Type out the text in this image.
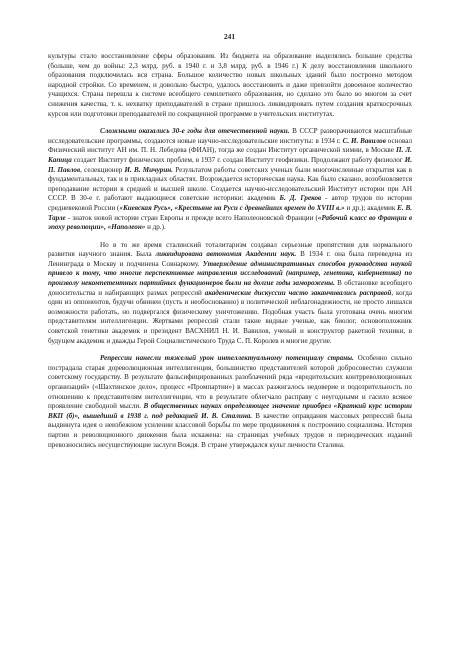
241

культуры стало восстановление сферы образования. Из бюджета на образование выделялись большие средства (больше, чем до войны: 2,3 млрд. руб. в 1940 г. и 3,8 млрд. руб. в 1946 г.) К делу восстановления школьного образования подключилась вся страна. Большое количество новых школьных зданий было построено методом народной стройки. Со временем, и довольно быстро, удалось восстановить и даже превзойти довоенное количество учащихся. Страна перешла к системе всеобщего семилетнего образования, но сделано это было во многом за счет снижения качества, т. к. нехватку преподавателей в стране пришлось ликвидировать путем создания краткосрочных курсов или подготовки преподавателей по сокращенной программе в учительских институтах.

Сложными оказались 30-е годы для отечественной науки. В СССР разворачиваются масштабные исследовательские программы, создаются новые научно-исследовательские институты: в 1934 г. С. И. Вавилов основал Физический институт АН им. П. Н. Лебедева (ФИАН), тогда же создан Институт органической химии, в Москве П. Л. Капица создает Институт физических проблем, в 1937 г. создан Институт геофизики. Продолжают работу физиолог И. П. Павлов, селекционер И. В. Мичурин. Результатом работы советских ученых были многочисленные открытия как в фундаментальных, так и в прикладных областях. Возрождается историческая наука. Как было сказано, возобновляется преподавание истории в средней и высшей школе. Создается научно-исследовательский Институт истории при АН СССР. В 30-е г. работают выдающиеся советские историки: академик Б. Д. Греков - автор трудов по истории средневековой России («Киевская Русь», «Крестьяне на Руси с древнейших времен до XVIII в.» и др.); академик Е. В. Тарле - знаток новой истории стран Европы и прежде всего Наполеоновской Франции («Рабочий класс во Франции в эпоху революции», «Наполеон» и др.).

Но в то же время сталинский тоталитаризм создавал серьезные препятствия для нормального развития научного знания. Была ликвидирована автономия Академии наук. В 1934 г. она была переведена из Ленинграда в Москву и подчинена Совнаркому. Утверждение административных способов руководства наукой привело к тому, что многие перспективные направления исследований (например, генетика, кибернетика) по произволу некомпетентных партийных функционеров были на долгие годы заморожены. В обстановке всеобщего доносительства и набирающих размах репрессий академические дискуссии часто заканчивались расправой, когда один из оппонентов, будучи обвинен (пусть и необоснованно) в политической неблагонадежности, не просто лишался возможности работать, но подвергался физическому уничтожению. Подобная участь была уготована очень многим представителям интеллигенции. Жертвами репрессий стали такие видные ученые, как биолог, основоположник советской генетики академик и президент ВАСХНИЛ Н. И. Вавилов, ученый и конструктор ракетной техники, в будущем академик и дважды Герой Социалистического Труда С. П. Королев и многие другие.

Репрессии нанесли тяжелый урон интеллектуальному потенциалу страны. Особенно сильно пострадала старая дореволюционная интеллигенция, большинство представителей которой добросовестно служили советскому государству. В результате фальсифицированных разоблачений ряда «вредительских контрреволюционных организаций» («Шахтинское дело», процесс «Промпартии») в массах разжигалось недоверие и подозрительность по отношению к представителям интеллигенции, что в результате облегчало расправу с неугодными и гасило всякое проявление свободной мысли. В общественных науках определяющее значение приобрел «Краткий курс истории ВКП (б)», вышедший в 1938 г. под редакцией И. В. Сталина. В качестве оправдания массовых репрессий была выдвинута идея о неизбежном усилении классовой борьбы по мере продвижения к построению социализма. История партии и революционного движения была искажена: на страницах учебных трудов и периодических изданий превозносились несуществующие заслуги Вождя. В стране утверждался культ личности Сталина.
